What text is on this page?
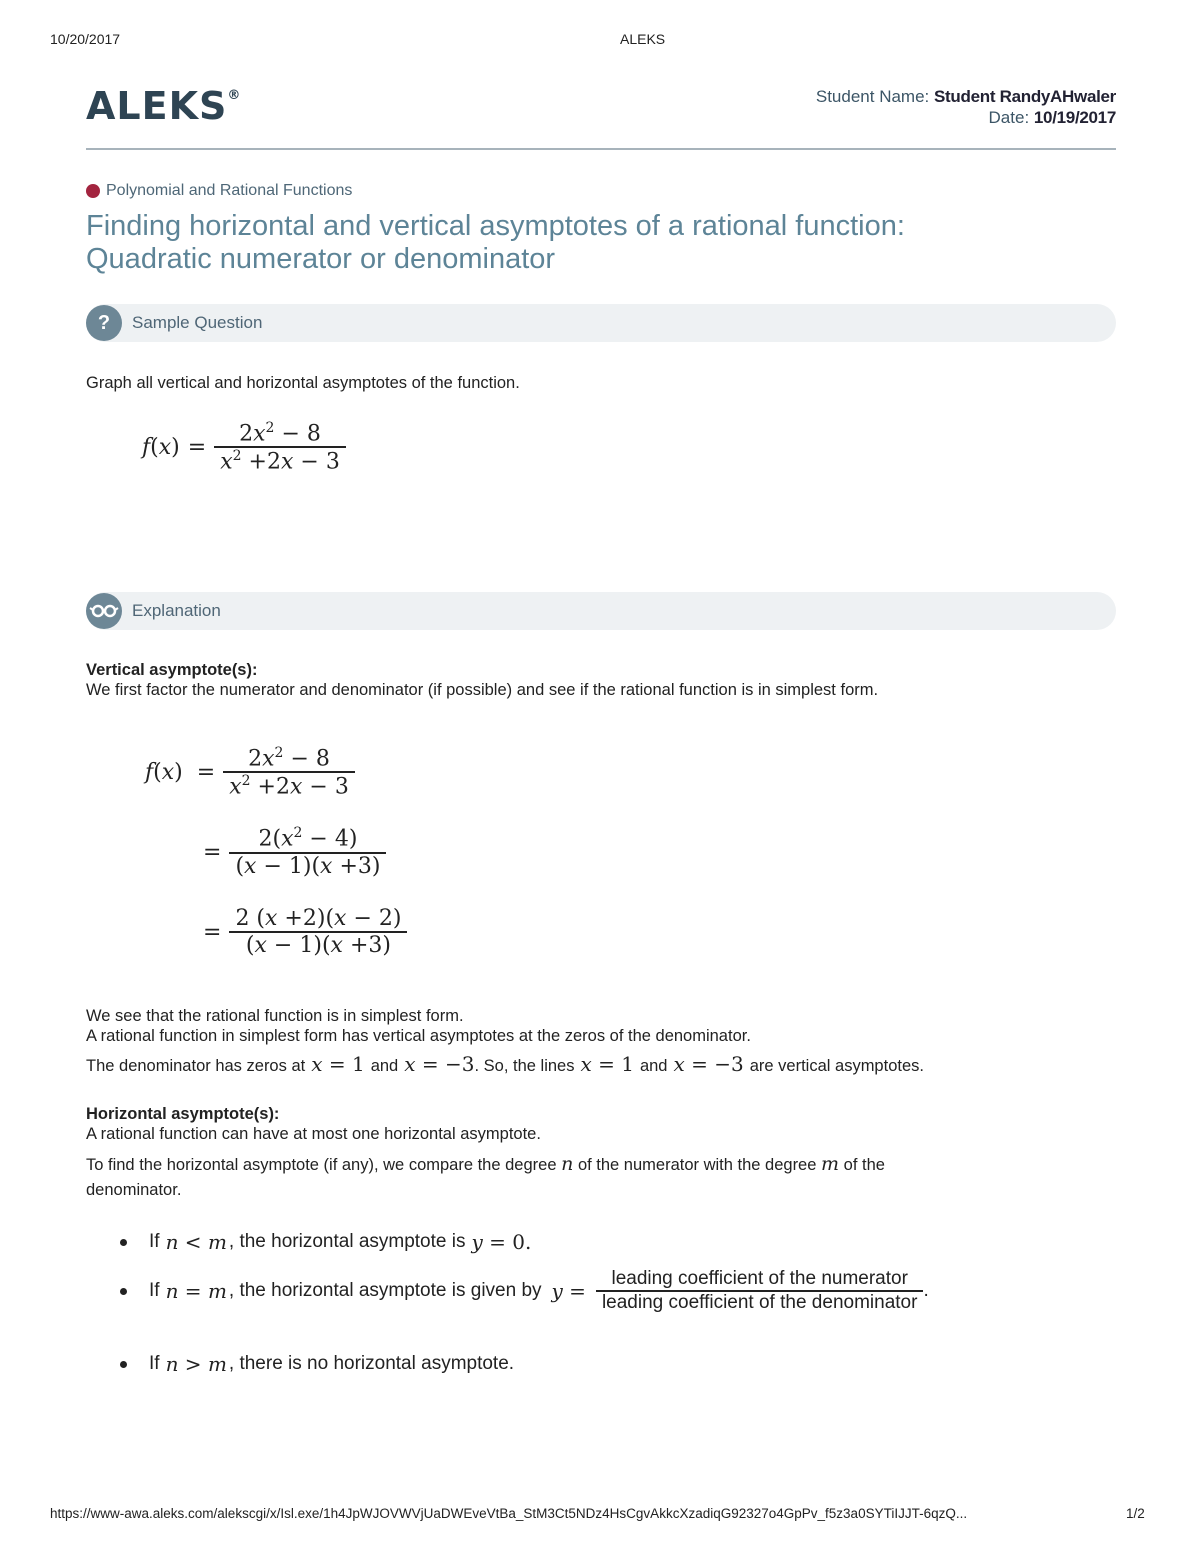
10/20/2017	ALEKS
ALEKS®	Student Name: Student RandyAHwaler
Date: 10/19/2017
Polynomial and Rational Functions
Finding horizontal and vertical asymptotes of a rational function:
Quadratic numerator or denominator
?	Sample Question
Graph all vertical and horizontal asymptotes of the function.
f ( x ) = $\frac{2x^2 - 8}{x^2 +2x - 3}$
Explanation
Vertical asymptote(s):
We first factor the numerator and denominator (if possible) and see if the rational function is in simplest form.
f ( x ) = $\frac{2x^2 - 8}{x^2 +2x - 3}$
= $\frac{2(x^2 - 4)}{(x - 1)(x +3)}$
= $\frac{2 (x +2)(x - 2)}{(x - 1)(x +3)}$
We see that the rational function is in simplest form.
A rational function in simplest form has vertical asymptotes at the zeros of the denominator.
The denominator has zeros at x = 1 and x = −3 . So, the lines x = 1 and x = −3 are vertical asymptotes.
Horizontal asymptote(s):
A rational function can have at most one horizontal asymptote.
To find the horizontal asymptote (if any), we compare the degree n of the numerator with the degree m of the
denominator.
If n < m , the horizontal asymptote is y = 0.
If n = m , the horizontal asymptote is given by $y = \frac{\text{leading coefficient of the numerator}}{\text{leading coefficient of the denominator}}$ .
If n > m , there is no horizontal asymptote.
https://www-awa.aleks.com/alekscgi/x/Isl.exe/1h4JpWJOVWVjUaDWEveVtBa_StM3Ct5NDz4HsCgvAkkcXzadiqG92327o4GpPv_f5z3a0SYTiIJJT-6qzQ...	1/2
